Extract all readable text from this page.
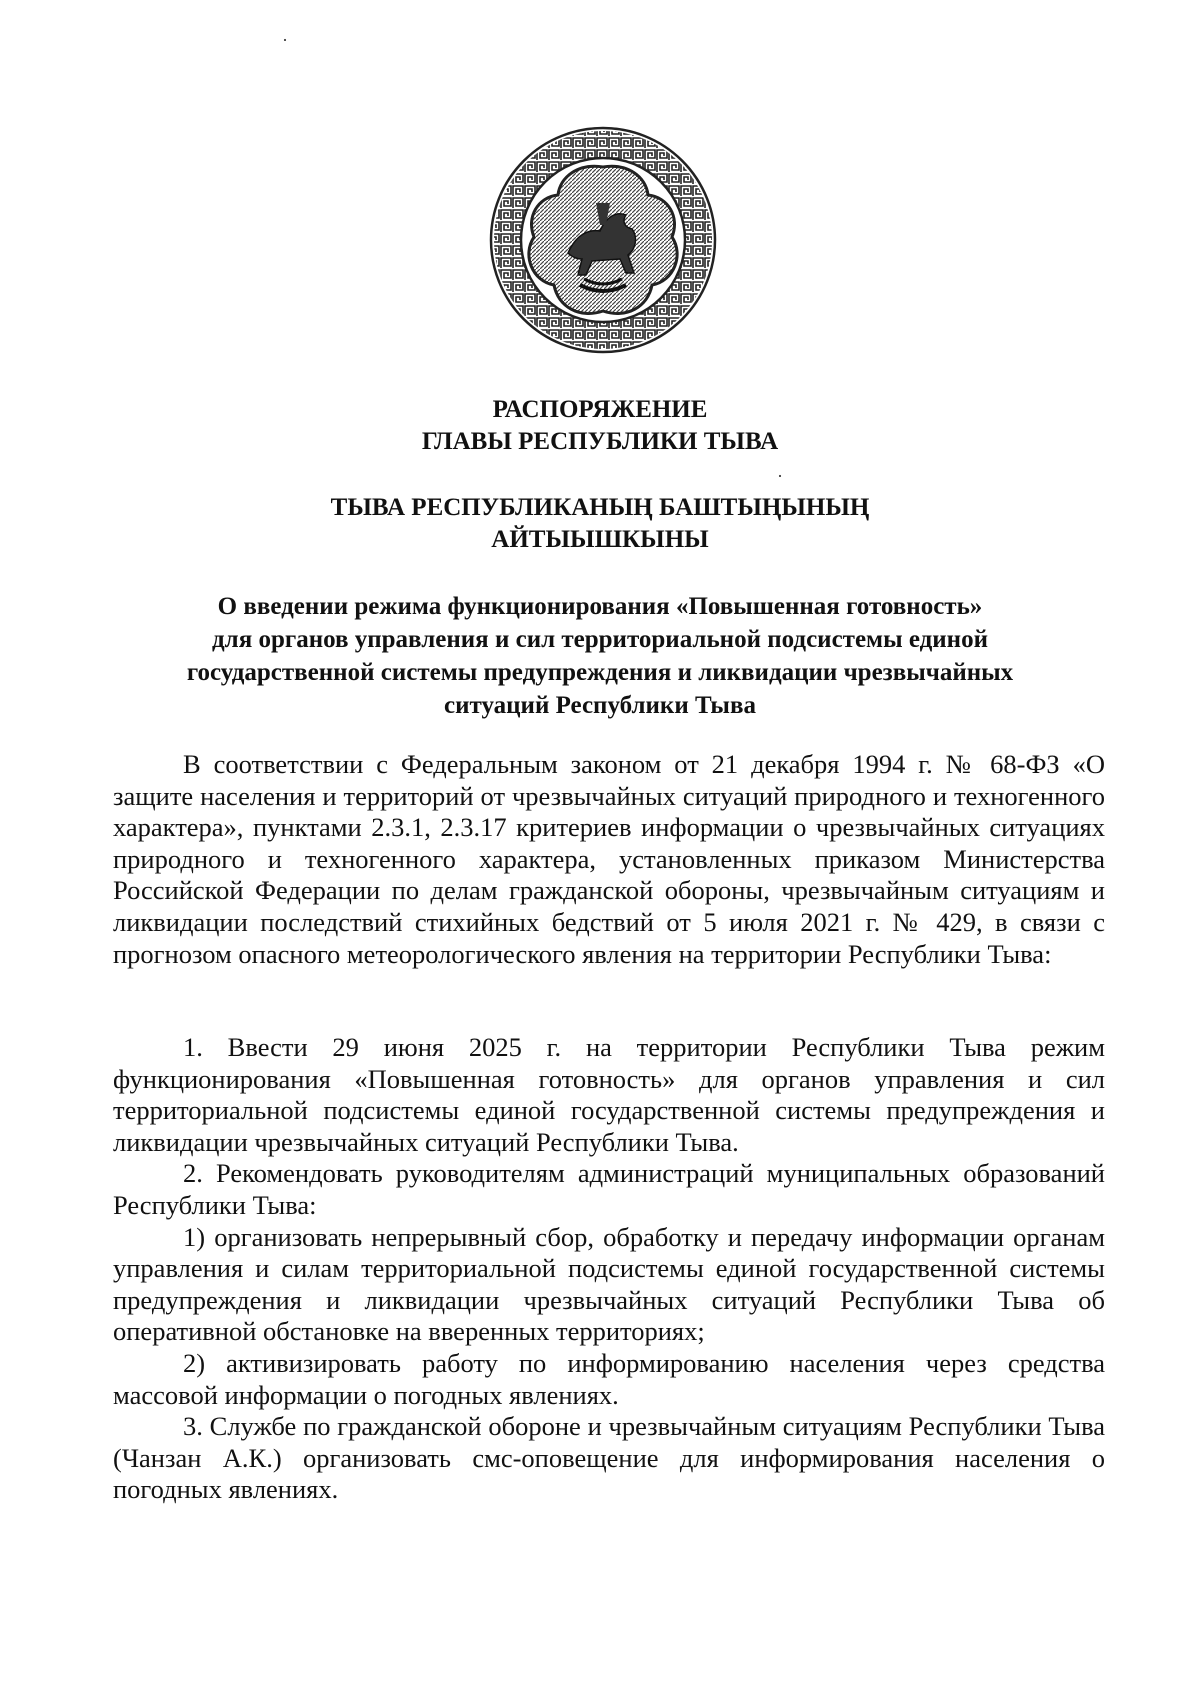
·
·
РАСПОРЯЖЕНИЕ
ГЛАВЫ РЕСПУБЛИКИ ТЫВА
ТЫВА РЕСПУБЛИКАНЫҢ БАШТЫҢЫНЫҢ
АЙТЫЫШКЫНЫ
О введении режима функционирования «Повышенная готовность»
для органов управления и сил территориальной подсистемы единой
государственной системы предупреждения и ликвидации чрезвычайных
ситуаций Республики Тыва

В соответствии с Федеральным законом от 21 декабря 1994 г. № 68-ФЗ «О защите населения и территорий от чрезвычайных ситуаций природного и техногенного характера», пунктами 2.3.1, 2.3.17 критериев информации о чрезвычайных ситуациях природного и техногенного характера, установленных приказом Министерства Российской Федерации по делам гражданской обороны, чрезвычайным ситуациям и ликвидации последствий стихийных бедствий от 5 июля 2021 г. № 429, в связи с прогнозом опасного метеорологического явления на территории Республики Тыва:

1. Ввести 29 июня 2025 г. на территории Республики Тыва режим функционирования «Повышенная готовность» для органов управления и сил территориальной подсистемы единой государственной системы предупреждения и ликвидации чрезвычайных ситуаций Республики Тыва.

2. Рекомендовать руководителям администраций муниципальных образований Республики Тыва:

1) организовать непрерывный сбор, обработку и передачу информации органам управления и силам территориальной подсистемы единой государственной системы предупреждения и ликвидации чрезвычайных ситуаций Республики Тыва об оперативной обстановке на вверенных территориях;

2) активизировать работу по информированию населения через средства массовой информации о погодных явлениях.

3. Службе по гражданской обороне и чрезвычайным ситуациям Республики Тыва (Чанзан А.К.) организовать смс-оповещение для информирования населения о погодных явлениях.
